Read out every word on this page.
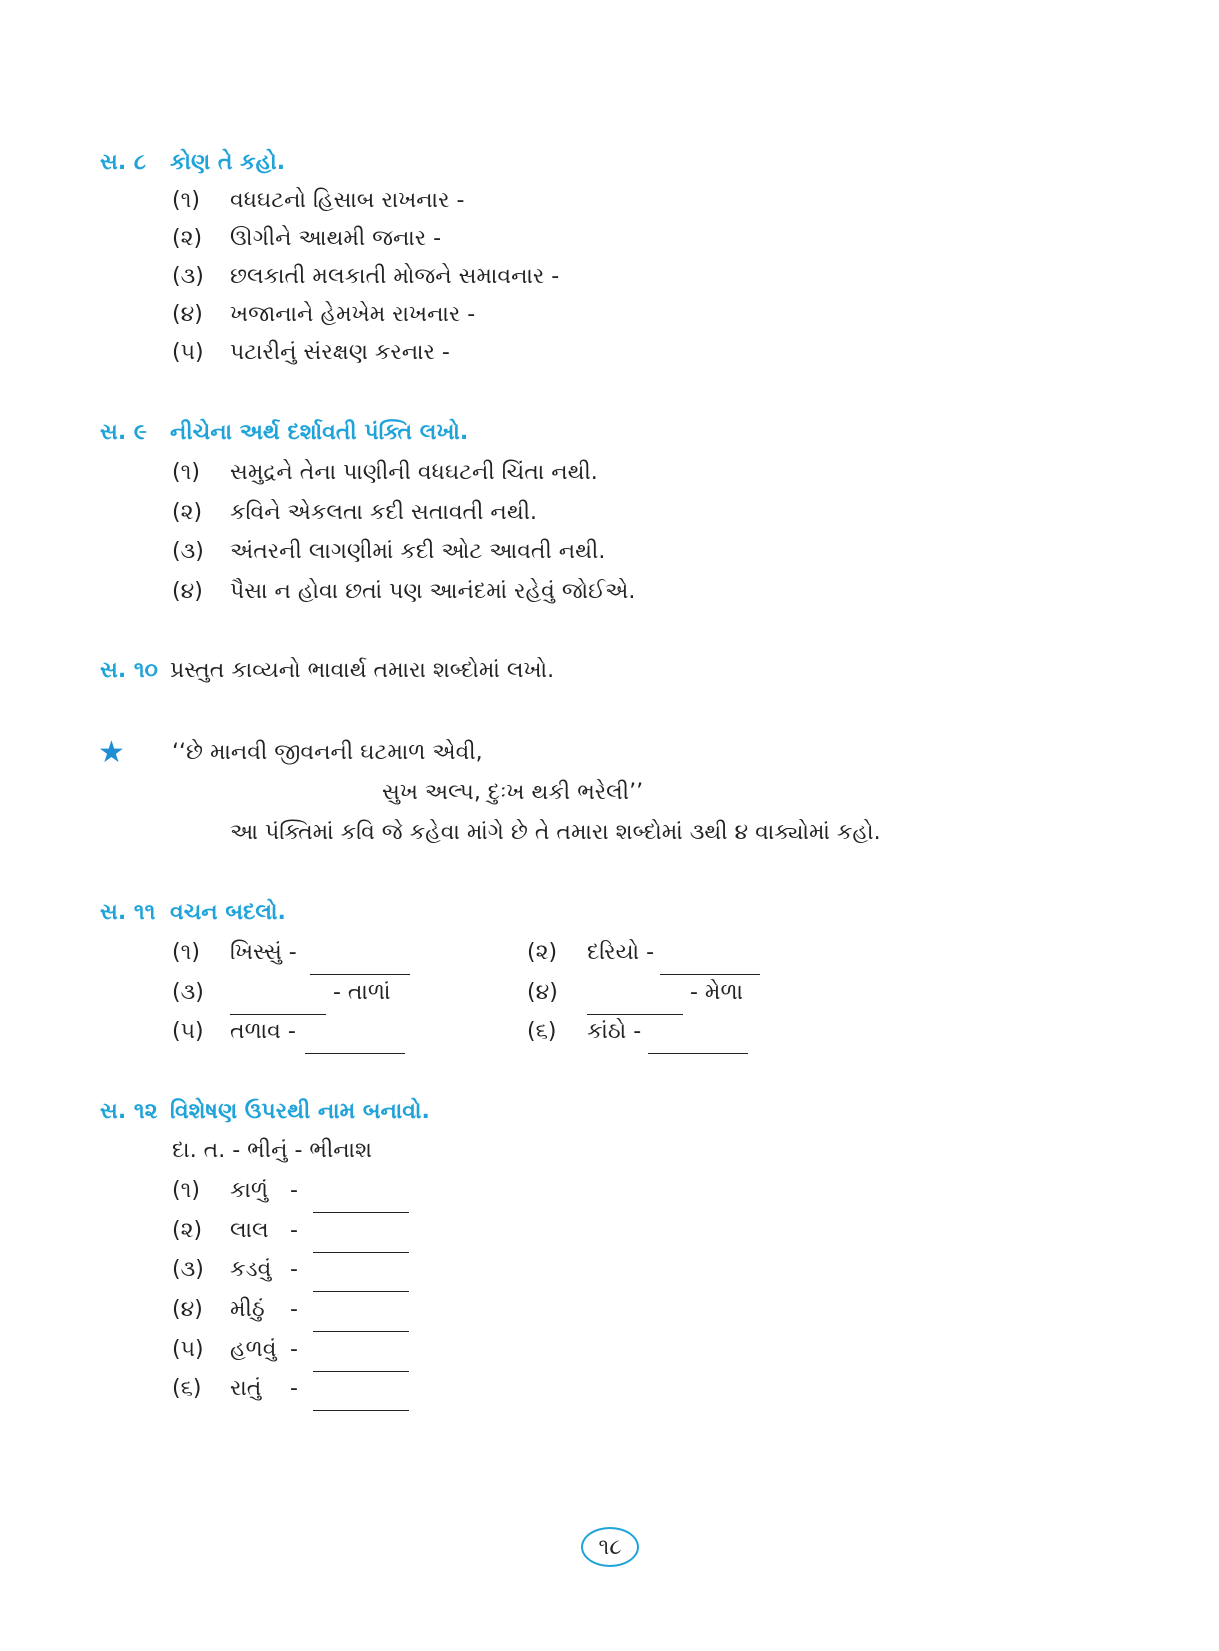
સ. ૮ કોણ તે કહો.
(૧) વધઘટનો હિસાબ રાખનાર -
(૨) ઊગીને આથમી જનાર -
(૩) છલકાતી મલકાતી મોજને સમાવનાર -
(૪) ખજાનાને હેમખેમ રાખનાર -
(૫) પટારીનું સંરક્ષણ કરનાર -
સ. ૯ નીચેના અર્થ દર્શાવતી પંક્તિ લખો.
(૧) સમુદ્રને તેના પાણીની વધઘટની ચિંતા નથી.
(૨) કવિને એકલતા કદી સતાવતી નથી.
(૩) અંતરની લાગણીમાં કદી ઓટ આવતી નથી.
(૪) પૈસા ન હોવા છતાં પણ આનંદમાં રહેવું જોઈએ.
સ. ૧૦ પ્રસ્તુત કાવ્યનો ભાવાર્થ તમારા શબ્દોમાં લખો.
★ ‘‘છે માનવી જીવનની ઘટમાળ એવી,
સુખ અલ્પ, દુઃખ થકી ભરેલી’’
આ પંક્તિમાં કવિ જે કહેવા માંગે છે તે તમારા શબ્દોમાં ૩થી ૪ વાક્યોમાં કહો.
સ. ૧૧ વચન બદલો.
(૧) ખિસ્સું -	(૨) દરિયો -
(૩)	- તાળાં	(૪)	- મેળા
(૫) તળાવ -	(૬) કાંઠો -
સ. ૧૨ વિશેષણ ઉપરથી નામ બનાવો.
દા. ત. - ભીનું - ભીનાશ
(૧) કાળું -
(૨) લાલ -
(૩) કડવું -
(૪) મીઠું -
(૫) હળવું -
(૬) રાતું -
૧૮
